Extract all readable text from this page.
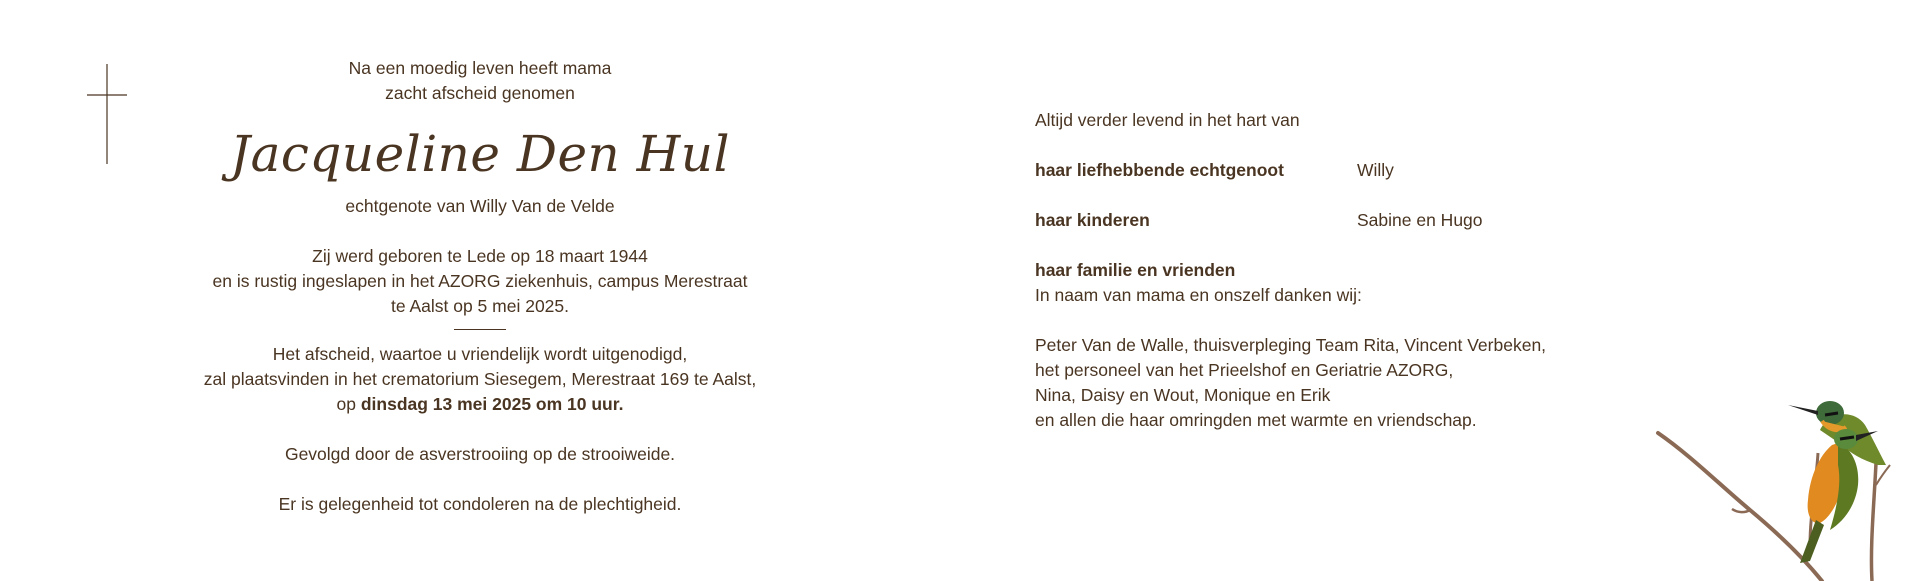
Na een moedig leven heeft mama

zacht afscheid genomen

Jacqueline Den Hul

echtgenote van Willy Van de Velde

Zij werd geboren te Lede op 18 maart 1944

en is rustig ingeslapen in het AZORG ziekenhuis, campus Merestraat

te Aalst op 5 mei 2025.

Het afscheid, waartoe u vriendelijk wordt uitgenodigd,

zal plaatsvinden in het crematorium Siesegem, Merestraat 169 te Aalst,

op dinsdag 13 mei 2025 om 10 uur.

Gevolgd door de asverstrooiing op de strooiweide.

Er is gelegenheid tot condoleren na de plechtigheid.

Altijd verder levend in het hart van

haar liefhebbende echtgenoot	Willy
haar kinderen	Sabine en Hugo
haar familie en vrienden

In naam van mama en onszelf danken wij:

Peter Van de Walle, thuisverpleging Team Rita, Vincent Verbeken,

het personeel van het Prieelshof en Geriatrie AZORG,

Nina, Daisy en Wout, Monique en Erik

en allen die haar omringden met warmte en vriendschap.
